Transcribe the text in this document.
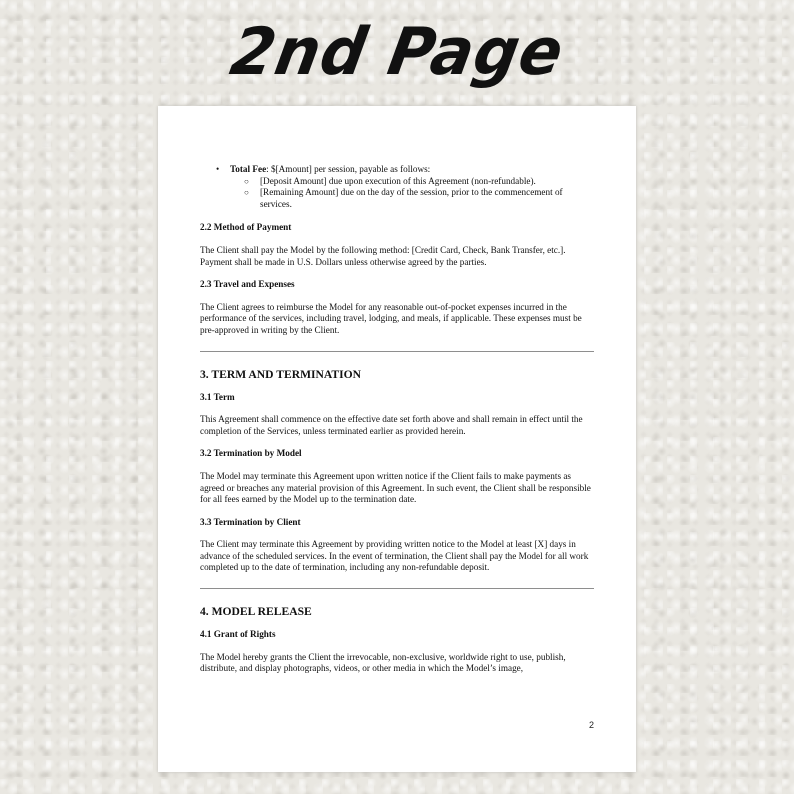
2nd Page
• Total Fee: $[Amount] per session, payable as follows:
○ [Deposit Amount] due upon execution of this Agreement (non-refundable).
○ [Remaining Amount] due on the day of the session, prior to the commencement of services.
2.2 Method of Payment
The Client shall pay the Model by the following method: [Credit Card, Check, Bank Transfer, etc.]. Payment shall be made in U.S. Dollars unless otherwise agreed by the parties.
2.3 Travel and Expenses
The Client agrees to reimburse the Model for any reasonable out-of-pocket expenses incurred in the performance of the services, including travel, lodging, and meals, if applicable. These expenses must be pre-approved in writing by the Client.
3. TERM AND TERMINATION
3.1 Term
This Agreement shall commence on the effective date set forth above and shall remain in effect until the completion of the Services, unless terminated earlier as provided herein.
3.2 Termination by Model
The Model may terminate this Agreement upon written notice if the Client fails to make payments as agreed or breaches any material provision of this Agreement. In such event, the Client shall be responsible for all fees earned by the Model up to the termination date.
3.3 Termination by Client
The Client may terminate this Agreement by providing written notice to the Model at least [X] days in advance of the scheduled services. In the event of termination, the Client shall pay the Model for all work completed up to the date of termination, including any non-refundable deposit.
4. MODEL RELEASE
4.1 Grant of Rights
The Model hereby grants the Client the irrevocable, non-exclusive, worldwide right to use, publish, distribute, and display photographs, videos, or other media in which the Model’s image,
2
